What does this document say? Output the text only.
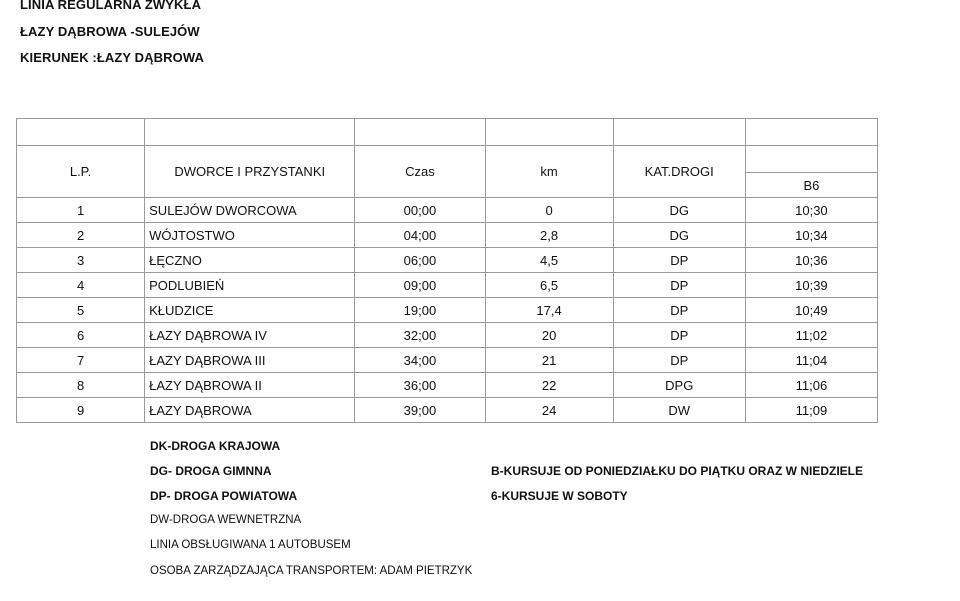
LINIA REGULARNA ZWYKŁA
ŁAZY DĄBROWA -SULEJÓW
KIERUNEK :ŁAZY DĄBROWA

L.P.	DWORCE I PRZYSTANKI	Czas	km	KAT.DROGI	
					B6
1	SULEJÓW DWORCOWA	00;00	0	DG	10;30
2	WÓJTOSTWO	04;00	2,8	DG	10;34
3	ŁĘCZNO	06;00	4,5	DP	10;36
4	PODLUBIEŃ	09;00	6,5	DP	10;39
5	KŁUDZICE	19;00	17,4	DP	10;49
6	ŁAZY DĄBROWA IV	32;00	20	DP	11;02
7	ŁAZY DĄBROWA III	34;00	21	DP	11;04
8	ŁAZY DĄBROWA II	36;00	22	DPG	11;06
9	ŁAZY DĄBROWA	39;00	24	DW	11;09
DK-DROGA KRAJOWA
DG- DROGA GIMNNA
DP- DROGA POWIATOWA
DW-DROGA WEWNETRZNA
LINIA OBSŁUGIWANA 1 AUTOBUSEM
OSOBA ZARZĄDZAJĄCA TRANSPORTEM: ADAM PIETRZYK
B-KURSUJE OD PONIEDZIAŁKU DO PIĄTKU ORAZ W NIEDZIELE
6-KURSUJE W SOBOTY
